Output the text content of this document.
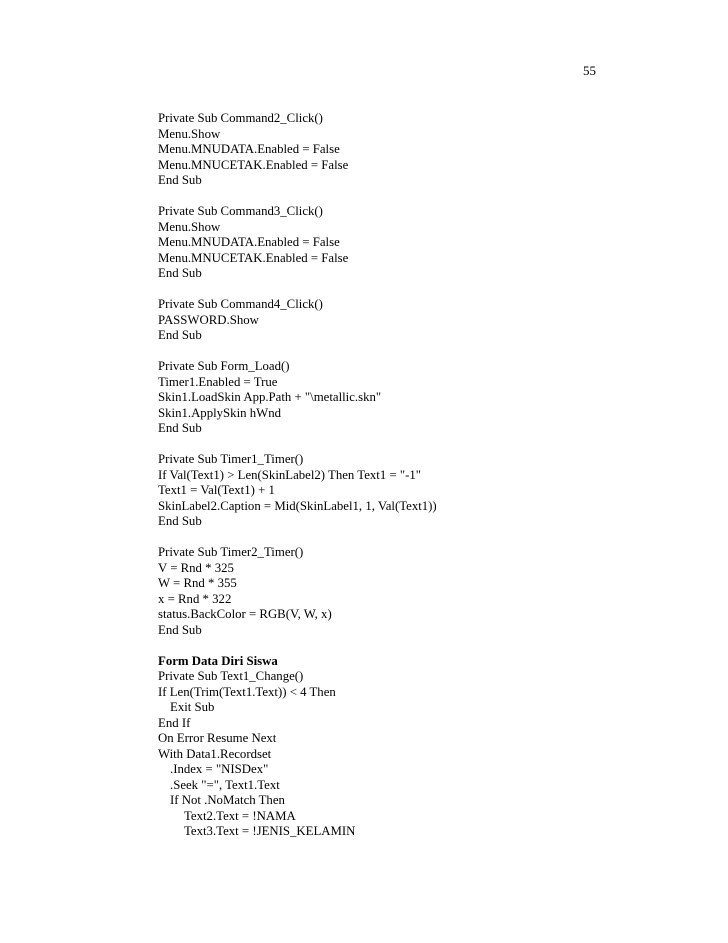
55
Private Sub Command2_Click()
Menu.Show
Menu.MNUDATA.Enabled = False
Menu.MNUCETAK.Enabled = False
End Sub
Private Sub Command3_Click()
Menu.Show
Menu.MNUDATA.Enabled = False
Menu.MNUCETAK.Enabled = False
End Sub
Private Sub Command4_Click()
PASSWORD.Show
End Sub
Private Sub Form_Load()
Timer1.Enabled = True
Skin1.LoadSkin App.Path + "\metallic.skn"
Skin1.ApplySkin hWnd
End Sub
Private Sub Timer1_Timer()
If Val(Text1) > Len(SkinLabel2) Then Text1 = "-1"
Text1 = Val(Text1) + 1
SkinLabel2.Caption = Mid(SkinLabel1, 1, Val(Text1))
End Sub
Private Sub Timer2_Timer()
V = Rnd * 325
W = Rnd * 355
x = Rnd * 322
status.BackColor = RGB(V, W, x)
End Sub
Form Data Diri Siswa
Private Sub Text1_Change()
If Len(Trim(Text1.Text)) < 4 Then
Exit Sub
End If
On Error Resume Next
With Data1.Recordset
.Index = "NISDex"
.Seek "=", Text1.Text
If Not .NoMatch Then
Text2.Text = !NAMA
Text3.Text = !JENIS_KELAMIN
